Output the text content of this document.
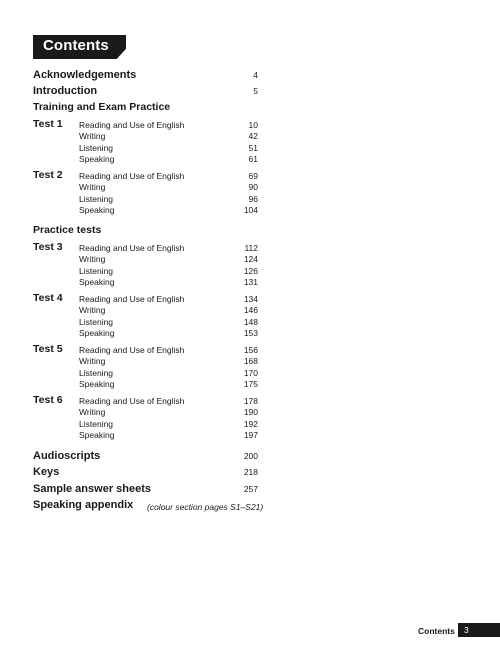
Contents
Acknowledgements	4
Introduction	5
Training and Exam Practice
Test 1 Reading and Use of English	10
Writing	42
Listening	51
Speaking	61
Test 2 Reading and Use of English	69
Writing	90
Listening	96
Speaking	104
Practice tests
Test 3 Reading and Use of English	112
Writing	124
Listening	126
Speaking	131
Test 4 Reading and Use of English	134
Writing	146
Listening	148
Speaking	153
Test 5 Reading and Use of English	156
Writing	168
Listening	170
Speaking	175
Test 6 Reading and Use of English	178
Writing	190
Listening	192
Speaking	197
Audioscripts	200
Keys	218
Sample answer sheets	257
Speaking appendix	(colour section pages S1–S21)
Contents 3
